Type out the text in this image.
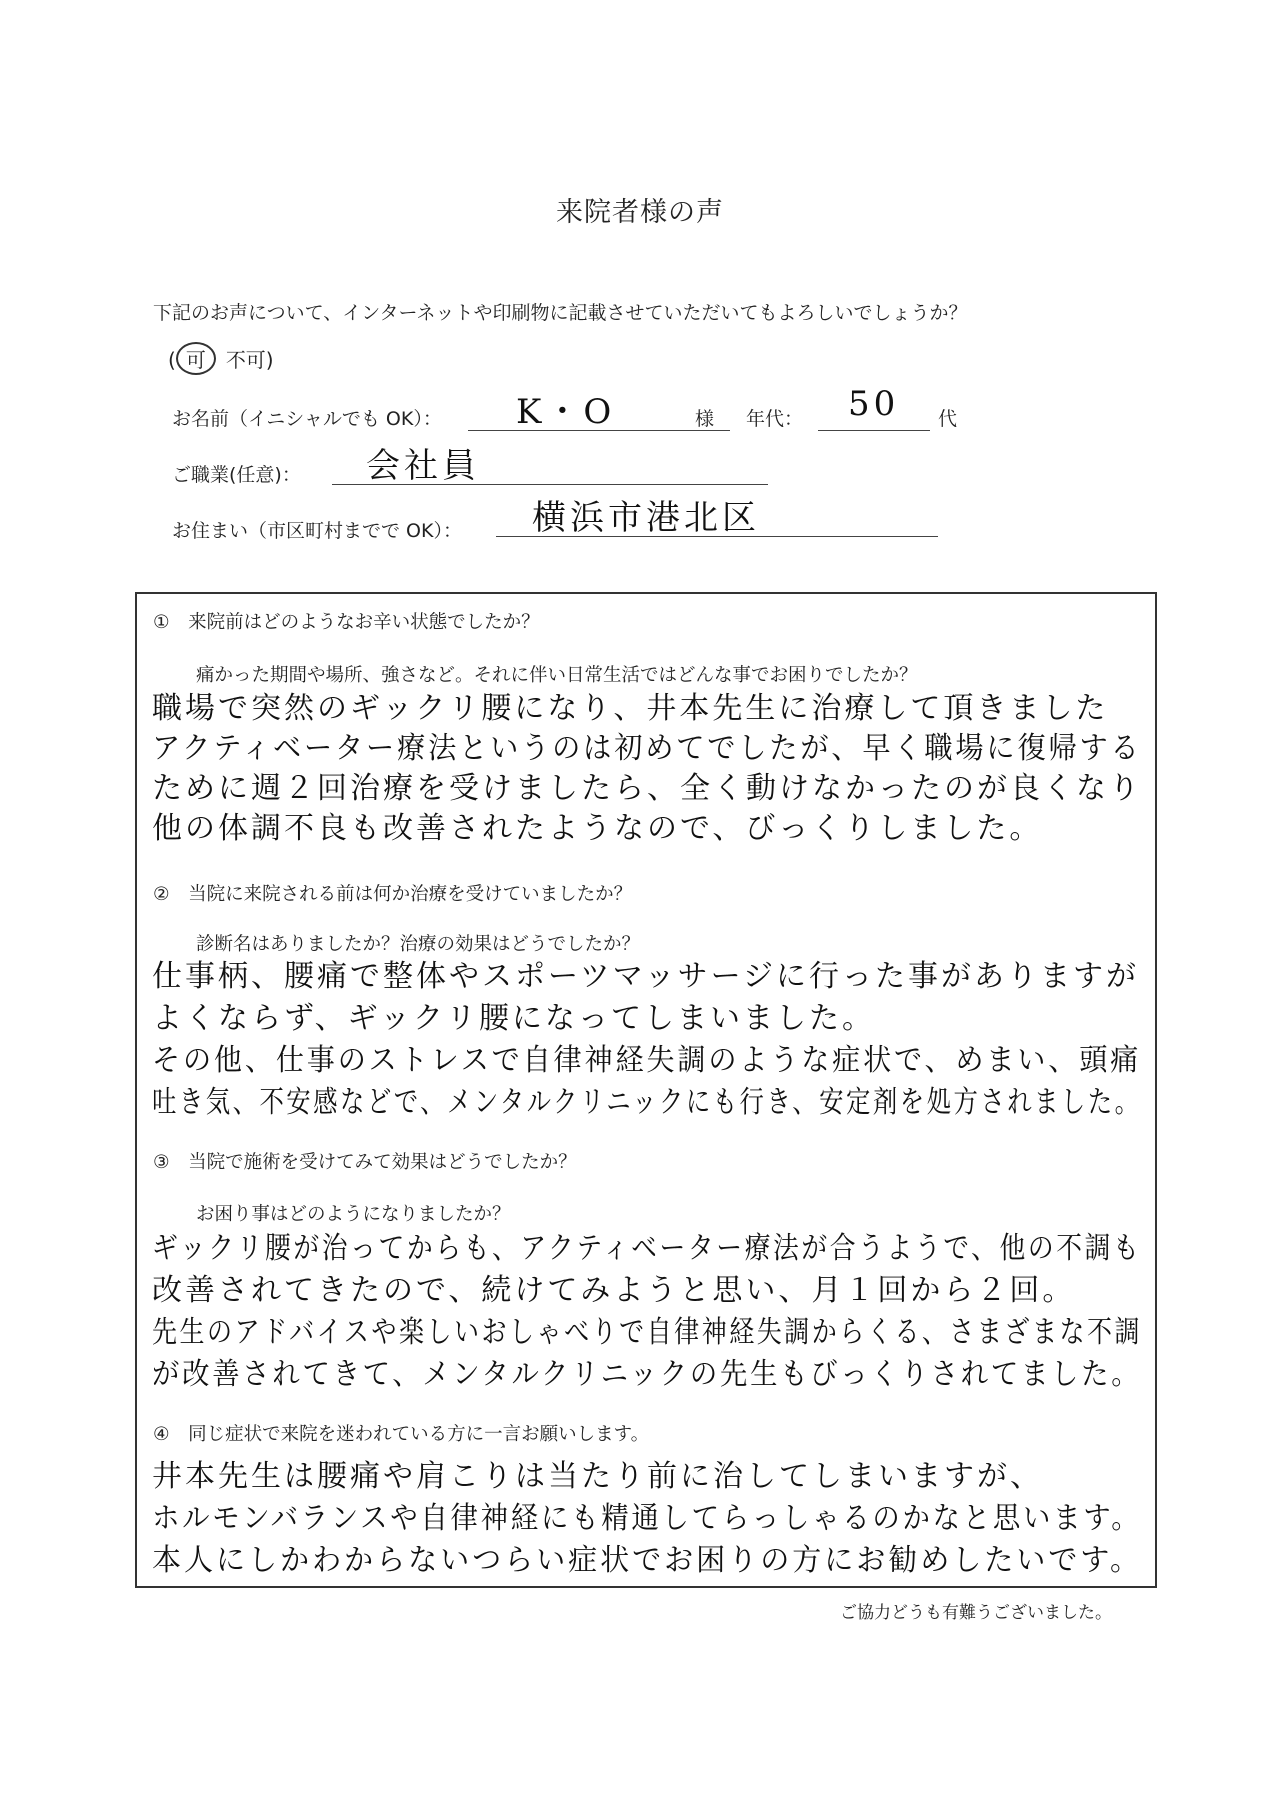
来院者様の声
下記のお声について、インターネットや印刷物に記載させていただいてもよろしいでしょうか？
( 可 不可)
お名前（イニシャルでも OK）： K・O	様 年代： 50 代
ご職業(任意)： 会社員
お住まい（市区町村までで OK）： 横浜市港北区
①　来院前はどのようなお辛い状態でしたか？
痛かった期間や場所、強さなど。それに伴い日常生活ではどんな事でお困りでしたか？
職場で突然のギックリ腰になり、井本先生に治療して頂きました
アクティベーター療法というのは初めてでしたが、早く職場に復帰する
ために週２回治療を受けましたら、全く動けなかったのが良くなり
他の体調不良も改善されたようなので、びっくりしました。
②　当院に来院される前は何か治療を受けていましたか？
診断名はありましたか？治療の効果はどうでしたか？
仕事柄、腰痛で整体やスポーツマッサージに行った事がありますが
よくならず、ギックリ腰になってしまいました。
その他、仕事のストレスで自律神経失調のような症状で、めまい、頭痛
吐き気、不安感などで、メンタルクリニックにも行き、安定剤を処方されました。
③　当院で施術を受けてみて効果はどうでしたか？
お困り事はどのようになりましたか？
ギックリ腰が治ってからも、アクティベーター療法が合うようで、他の不調も
改善されてきたので、続けてみようと思い、月１回から２回。
先生のアドバイスや楽しいおしゃべりで自律神経失調からくる、さまざまな不調
が改善されてきて、メンタルクリニックの先生もびっくりされてました。
④　同じ症状で来院を迷われている方に一言お願いします。
井本先生は腰痛や肩こりは当たり前に治してしまいますが、
ホルモンバランスや自律神経にも精通してらっしゃるのかなと思います。
本人にしかわからないつらい症状でお困りの方にお勧めしたいです。
ご協力どうも有難うございました。
